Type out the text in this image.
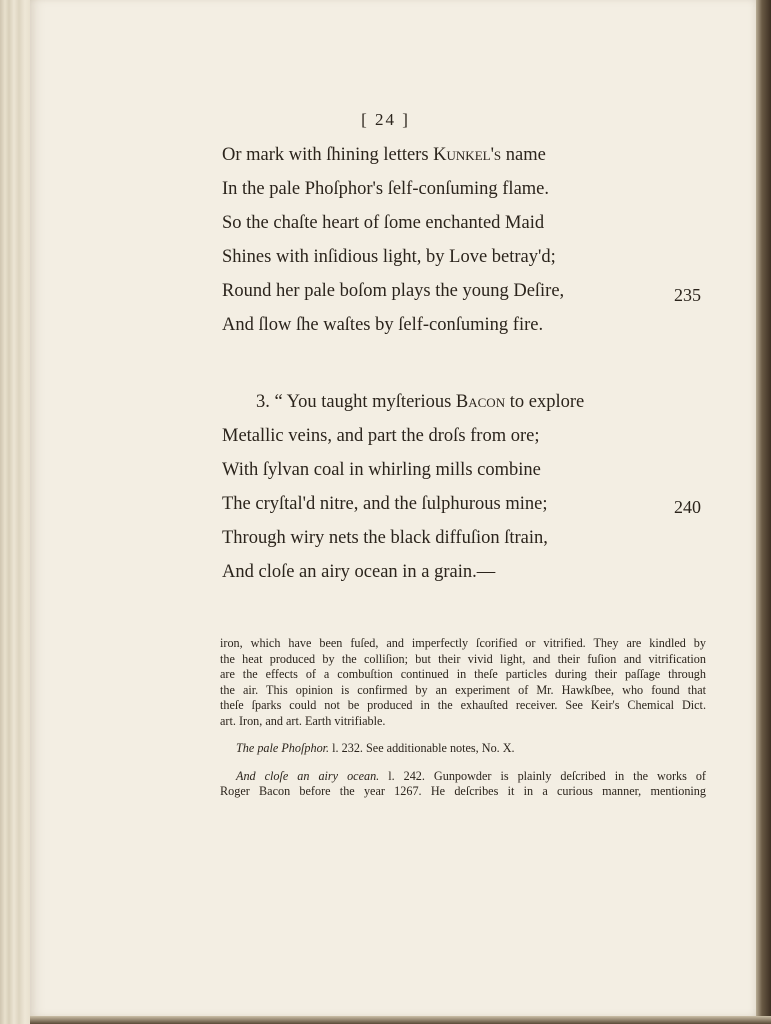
[ 24 ]
Or mark with ſhining letters Kunkel's name
In the pale Phoſphor's ſelf-conſuming flame.
So the chaſte heart of ſome enchanted Maid
Shines with inſidious light, by Love betray'd;
Round her pale boſom plays the young Deſire,
And ſlow ſhe waſtes by ſelf-conſuming fire.
235
3. “ You taught myſterious Bacon to explore
Metallic veins, and part the droſs from ore;
With ſylvan coal in whirling mills combine
The cryſtal'd nitre, and the ſulphurous mine;
Through wiry nets the black diffuſion ſtrain,
And cloſe an airy ocean in a grain.—
240

iron, which have been fuſed, and imperfectly ſcorified or vitrified. They are kindled by
the heat produced by the colliſion; but their vivid light, and their fuſion and vitrification
are the effects of a combuſtion continued in theſe particles during their paſſage through
the air. This opinion is confirmed by an experiment of Mr. Hawkſbee, who found that
theſe ſparks could not be produced in the exhauſted receiver. See Keir's Chemical Dict.
art. Iron, and art. Earth vitrifiable.

The pale Phoſphor. l. 232. See additionable notes, No. X.

And cloſe an airy ocean. l. 242. Gunpowder is plainly deſcribed in the works of
Roger Bacon before the year 1267. He deſcribes it in a curious manner, mentioning
